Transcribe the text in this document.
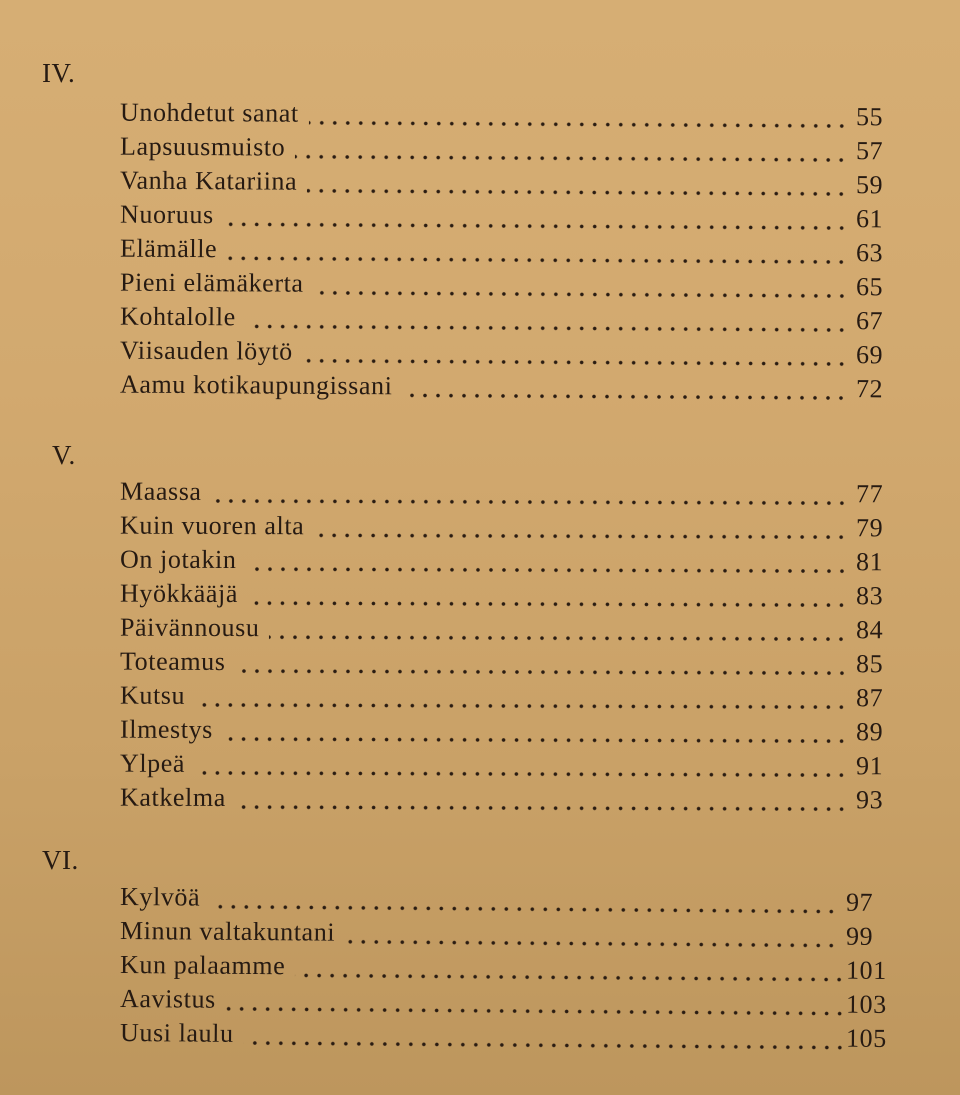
IV.
Unohdetut sanat	55
Lapsuusmuisto	57
Vanha Katariina	59
Nuoruus	61
Elämälle	63
Pieni elämäkerta	65
Kohtalolle	67
Viisauden löytö	69
Aamu kotikaupungissani	72
V.
Maassa	77
Kuin vuoren alta	79
On jotakin	81
Hyökkääjä	83
Päivännousu	84
Toteamus	85
Kutsu	87
Ilmestys	89
Ylpeä	91
Katkelma	93
VI.
Kylvöä	97
Minun valtakuntani	99
Kun palaamme	101
Aavistus	103
Uusi laulu	105
